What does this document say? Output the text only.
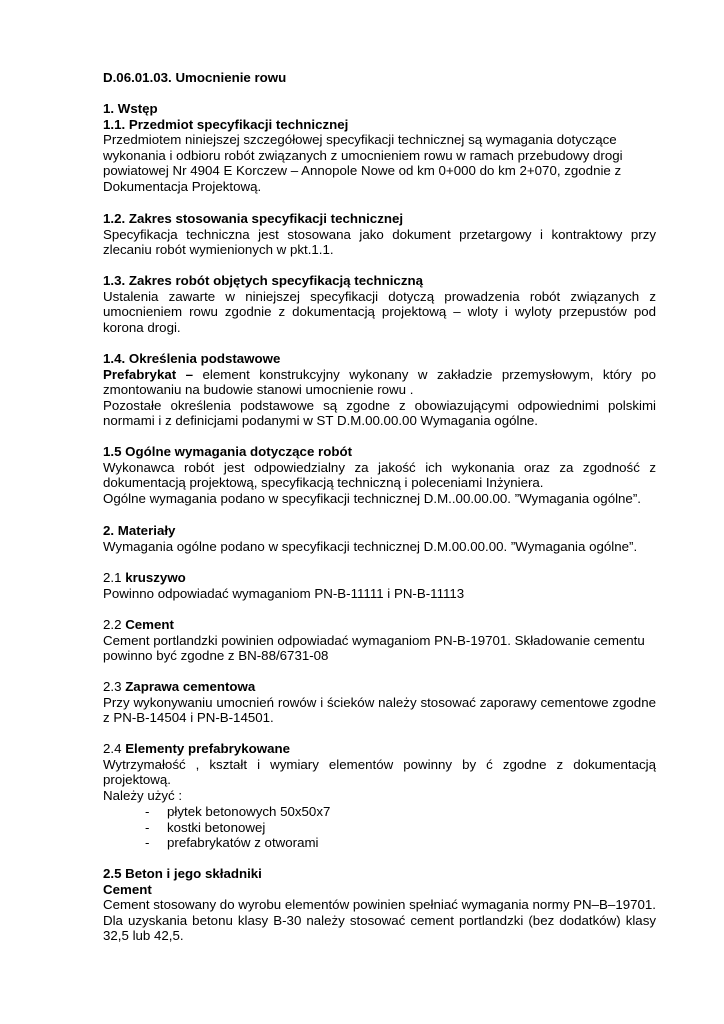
D.06.01.03. Umocnienie rowu

1. Wstęp

1.1. Przedmiot specyfikacji technicznej

Przedmiotem niniejszej szczegółowej specyfikacji technicznej są wymagania dotyczące wykonania i odbioru robót związanych z umocnieniem rowu w ramach przebudowy drogi powiatowej Nr 4904 E Korczew – Annopole Nowe od km 0+000 do km 2+070, zgodnie z Dokumentacja Projektową.

1.2. Zakres stosowania specyfikacji technicznej

Specyfikacja techniczna jest stosowana jako dokument przetargowy i kontraktowy przy zlecaniu robót wymienionych w pkt.1.1.

1.3. Zakres robót objętych specyfikacją techniczną

Ustalenia zawarte w niniejszej specyfikacji dotyczą prowadzenia robót związanych z umocnieniem rowu zgodnie z dokumentacją projektową – wloty i wyloty przepustów pod korona drogi.

1.4. Określenia podstawowe

Prefabrykat – element konstrukcyjny wykonany w zakładzie przemysłowym, który po zmontowaniu na budowie stanowi umocnienie rowu .

Pozostałe określenia podstawowe są zgodne z obowiazującymi odpowiednimi polskimi normami i z definicjami podanymi w ST D.M.00.00.00 Wymagania ogólne.

1.5 Ogólne wymagania dotyczące robót

Wykonawca robót jest odpowiedzialny za jakość ich wykonania oraz za zgodność z dokumentacją projektową, specyfikacją techniczną i poleceniami Inżyniera.

Ogólne wymagania podano w specyfikacji technicznej D.M..00.00.00. ”Wymagania ogólne”.

2. Materiały

Wymagania ogólne podano w specyfikacji technicznej D.M.00.00.00. ”Wymagania ogólne”.

2.1 kruszywo

Powinno odpowiadać wymaganiom PN-B-11111 i PN-B-11113

2.2 Cement

Cement portlandzki powinien odpowiadać wymaganiom PN-B-19701. Składowanie cementu powinno być zgodne z BN-88/6731-08

2.3 Zaprawa cementowa

Przy wykonywaniu umocnień rowów i ścieków należy stosować zaporawy cementowe zgodne z PN-B-14504 i PN-B-14501.

2.4 Elementy prefabrykowane

Wytrzymałość , kształt i wymiary elementów powinny by ć zgodne z dokumentacją projektową.

Należy użyć :

- płytek betonowych 50x50x7
- kostki betonowej
- prefabrykatów z otworami

2.5 Beton i jego składniki

Cement

Cement stosowany do wyrobu elementów powinien spełniać wymagania normy PN–B–19701. Dla uzyskania betonu klasy B-30 należy stosować cement portlandzki (bez dodatków) klasy 32,5 lub 42,5.
